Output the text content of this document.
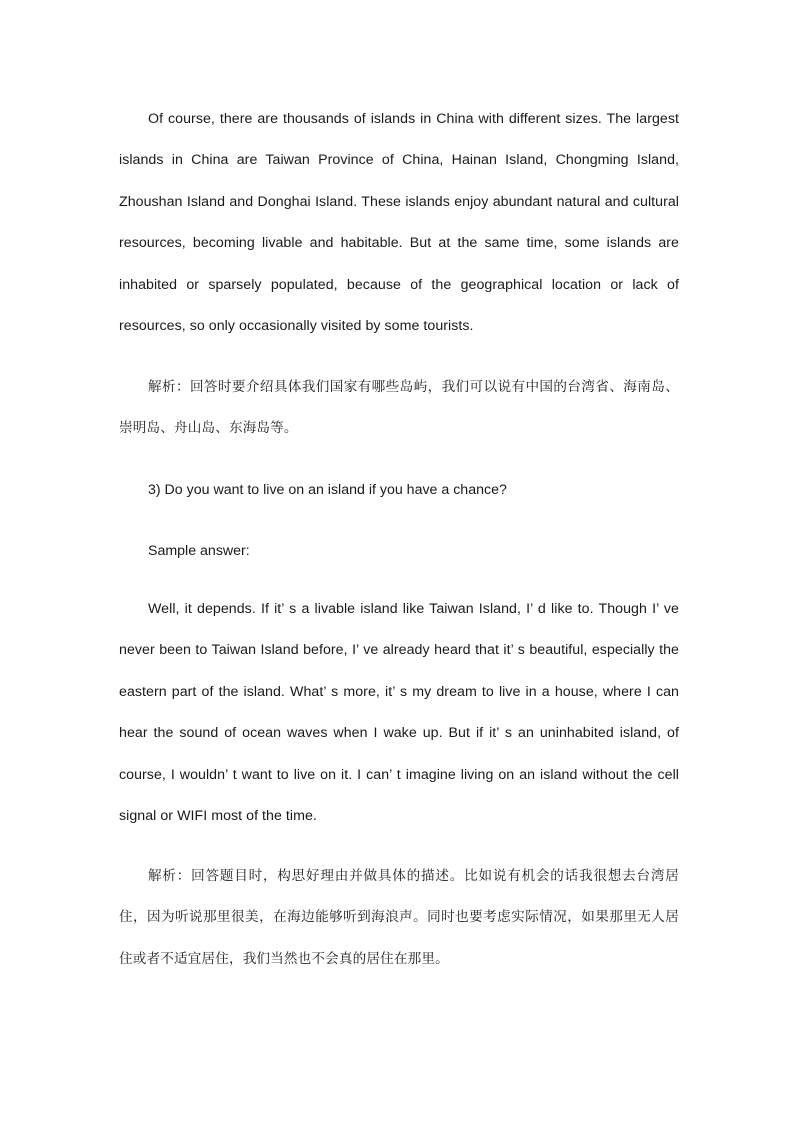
Of course, there are thousands of islands in China with different sizes. The largest islands in China are Taiwan Province of China, Hainan Island, Chongming Island, Zhoushan Island and Donghai Island. These islands enjoy abundant natural and cultural resources, becoming livable and habitable. But at the same time, some islands are inhabited or sparsely populated, because of the geographical location or lack of resources, so only occasionally visited by some tourists.

解析：回答时要介绍具体我们国家有哪些岛屿，我们可以说有中国的台湾省、海南岛、崇明岛、舟山岛、东海岛等。

3) Do you want to live on an island if you have a chance?

Sample answer:

Well, it depends. If it’ s a livable island like Taiwan Island, I’ d like to. Though I’ ve never been to Taiwan Island before, I’ ve already heard that it’ s beautiful, especially the eastern part of the island. What’ s more, it’ s my dream to live in a house, where I can hear the sound of ocean waves when I wake up. But if it’ s an uninhabited island, of course, I wouldn’ t want to live on it. I can’ t imagine living on an island without the cell signal or WIFI most of the time.

解析：回答题目时，构思好理由并做具体的描述。比如说有机会的话我很想去台湾居住，因为听说那里很美，在海边能够听到海浪声。同时也要考虑实际情况，如果那里无人居住或者不适宜居住，我们当然也不会真的居住在那里。
